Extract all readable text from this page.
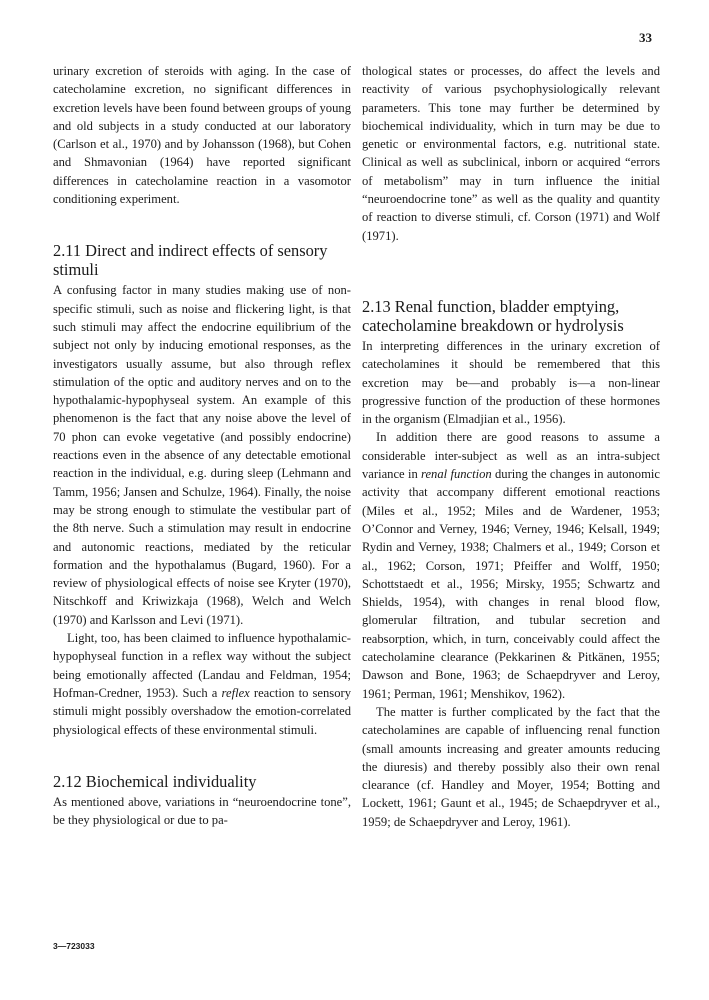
33

urinary excretion of steroids with aging. In the case of catecholamine excretion, no significant differences in excretion levels have been found between groups of young and old subjects in a study conducted at our laboratory (Carlson et al., 1970) and by Johansson (1968), but Cohen and Shmavonian (1964) have reported significant differences in catecholamine reaction in a vasomotor conditioning experiment.

2.11 Direct and indirect effects of sensory stimuli

A confusing factor in many studies making use of non-specific stimuli, such as noise and flickering light, is that such stimuli may affect the endocrine equilibrium of the subject not only by inducing emotional responses, as the investigators usually assume, but also through reflex stimulation of the optic and auditory nerves and on to the hypothalamic-hypophyseal system. An example of this phenomenon is the fact that any noise above the level of 70 phon can evoke vegetative (and possibly endocrine) reactions even in the absence of any detectable emotional reaction in the individual, e.g. during sleep (Lehmann and Tamm, 1956; Jansen and Schulze, 1964). Finally, the noise may be strong enough to stimulate the vestibular part of the 8th nerve. Such a stimulation may result in endocrine and autonomic reactions, mediated by the reticular formation and the hypothalamus (Bugard, 1960). For a review of physiological effects of noise see Kryter (1970), Nitschkoff and Kriwizkaja (1968), Welch and Welch (1970) and Karlsson and Levi (1971).

Light, too, has been claimed to influence hypothalamic-hypophyseal function in a reflex way without the subject being emotionally affected (Landau and Feldman, 1954; Hofman-Credner, 1953). Such a reflex reaction to sensory stimuli might possibly overshadow the emotion-correlated physiological effects of these environmental stimuli.

2.12 Biochemical individuality

As mentioned above, variations in “neuroendocrine tone”, be they physiological or due to pa-

thological states or processes, do affect the levels and reactivity of various psychophysiologically relevant parameters. This tone may further be determined by biochemical individuality, which in turn may be due to genetic or environmental factors, e.g. nutritional state. Clinical as well as subclinical, inborn or acquired “errors of metabolism” may in turn influence the initial “neuroendocrine tone” as well as the quality and quantity of reaction to diverse stimuli, cf. Corson (1971) and Wolf (1971).

2.13 Renal function, bladder emptying, catecholamine breakdown or hydrolysis

In interpreting differences in the urinary excretion of catecholamines it should be remembered that this excretion may be—and probably is—a non-linear progressive function of the production of these hormones in the organism (Elmadjian et al., 1956).

In addition there are good reasons to assume a considerable inter-subject as well as an intra-subject variance in renal function during the changes in autonomic activity that accompany different emotional reactions (Miles et al., 1952; Miles and de Wardener, 1953; O’Connor and Verney, 1946; Verney, 1946; Kelsall, 1949; Rydin and Verney, 1938; Chalmers et al., 1949; Corson et al., 1962; Corson, 1971; Pfeiffer and Wolff, 1950; Schottstaedt et al., 1956; Mirsky, 1955; Schwartz and Shields, 1954), with changes in renal blood flow, glomerular filtration, and tubular secretion and reabsorption, which, in turn, conceivably could affect the catecholamine clearance (Pekkarinen & Pitkänen, 1955; Dawson and Bone, 1963; de Schaepdryver and Leroy, 1961; Perman, 1961; Menshikov, 1962).

The matter is further complicated by the fact that the catecholamines are capable of influencing renal function (small amounts increasing and greater amounts reducing the diuresis) and thereby possibly also their own renal clearance (cf. Handley and Moyer, 1954; Botting and Lockett, 1961; Gaunt et al., 1945; de Schaepdryver et al., 1959; de Schaepdryver and Leroy, 1961).

3—723033
